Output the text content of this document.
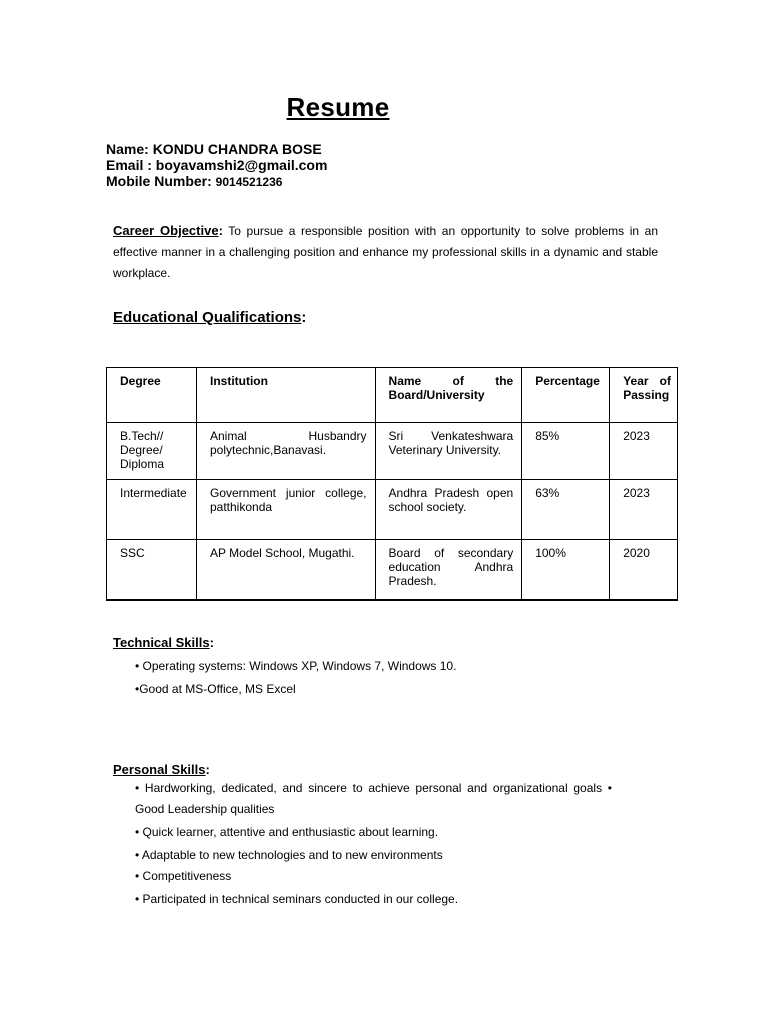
Resume
Name: KONDU CHANDRA BOSE
Email : boyavamshi2@gmail.com
Mobile Number: 9014521236
Career Objective: To pursue a responsible position with an opportunity to solve problems in an effective manner in a challenging position and enhance my professional skills in a dynamic and stable workplace.
Educational Qualifications:
Degree	Institution	Name of the Board/University	Percentage	Year of Passing
B.Tech// Degree/ Diploma	Animal Husbandry polytechnic,Banavasi.	Sri Venkateshwara Veterinary University.	85%	2023
Intermediate	Government junior college, patthikonda	Andhra Pradesh open school society.	63%	2023
SSC	AP Model School, Mugathi.	Board of secondary education Andhra Pradesh.	100%	2020
Technical Skills:
• Operating systems: Windows XP, Windows 7, Windows 10.
•Good at MS-Office, MS Excel
Personal Skills:
• Hardworking, dedicated, and sincere to achieve personal and organizational goals •
Good Leadership qualities
• Quick learner, attentive and enthusiastic about learning.
• Adaptable to new technologies and to new environments
• Competitiveness
• Participated in technical seminars conducted in our college.
